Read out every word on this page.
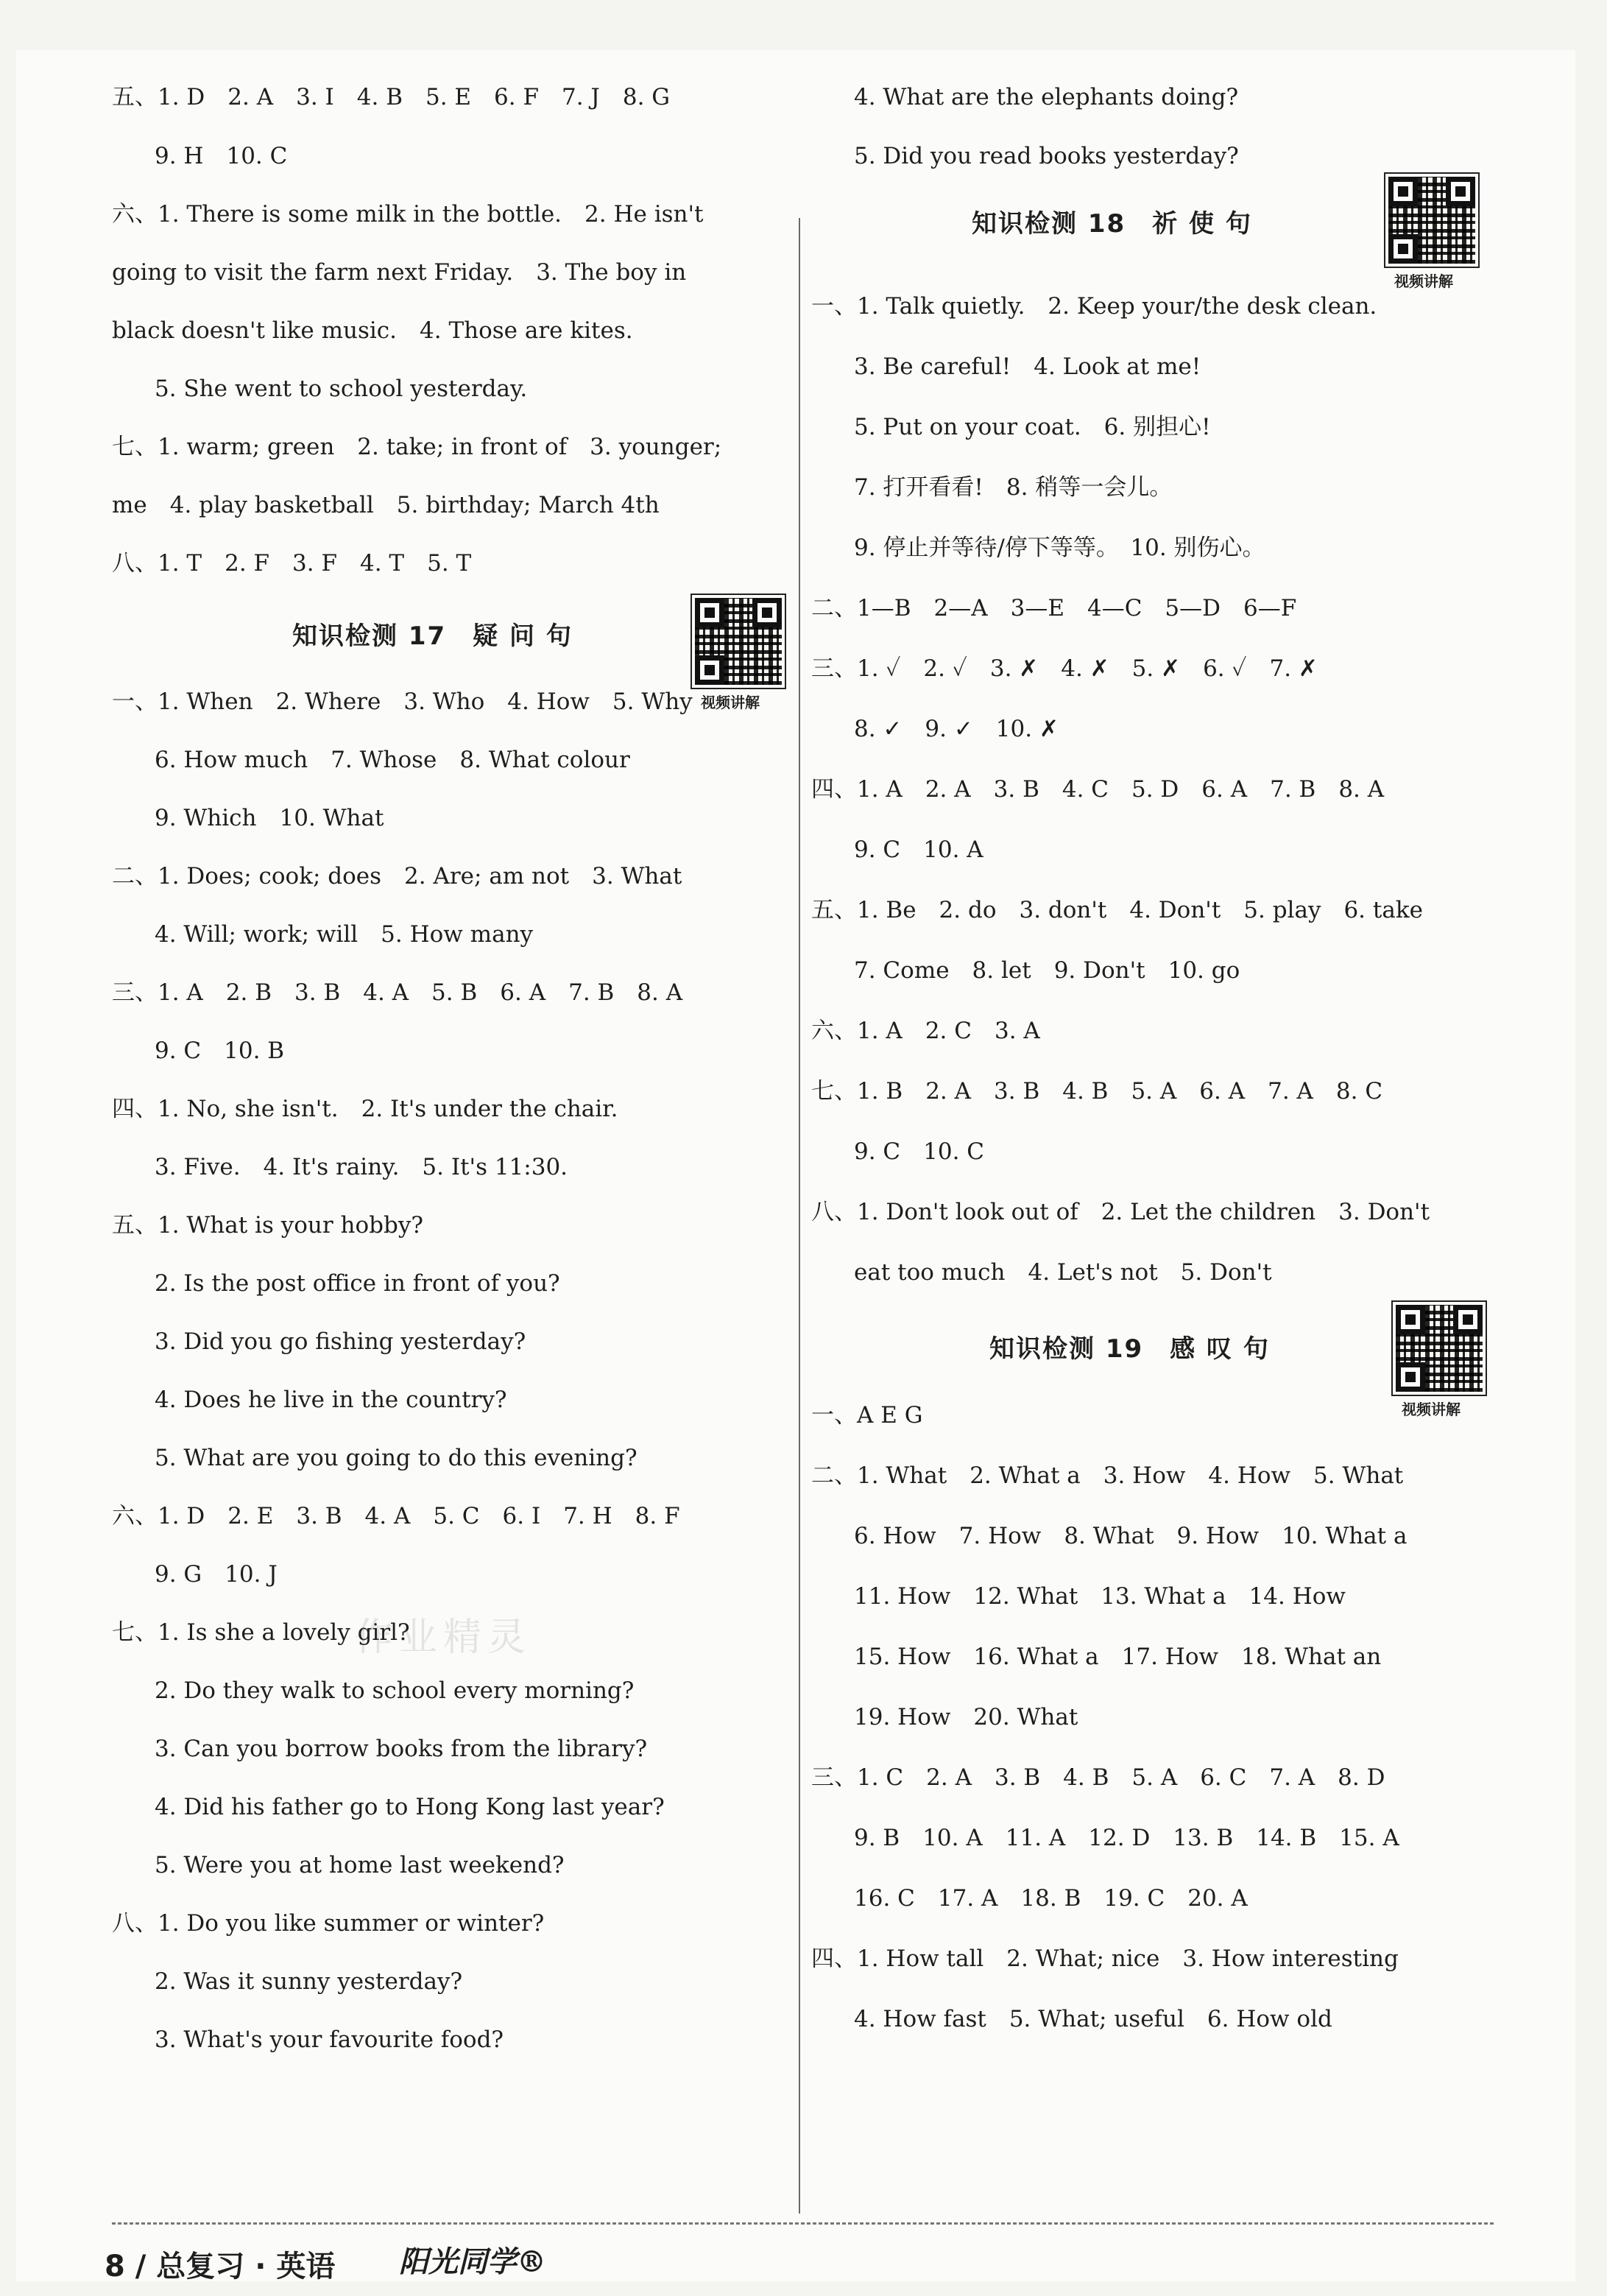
五、1. D　2. A　3. I　4. B　5. E　6. F　7. J　8. G
9. H　10. C
六、1. There is some milk in the bottle.　2. He isn't
going to visit the farm next Friday.　3. The boy in
black doesn't like music.　4. Those are kites.
5. She went to school yesterday.
七、1. warm; green　2. take; in front of　3. younger;
me　4. play basketball　5. birthday; March 4th
八、1. T　2. F　3. F　4. T　5. T
知识检测 17　疑 问 句
视频讲解
一、1. When　2. Where　3. Who　4. How　5. Why
6. How much　7. Whose　8. What colour
9. Which　10. What
二、1. Does; cook; does　2. Are; am not　3. What
4. Will; work; will　5. How many
三、1. A　2. B　3. B　4. A　5. B　6. A　7. B　8. A
9. C　10. B
四、1. No, she isn't.　2. It's under the chair.
3. Five.　4. It's rainy.　5. It's 11:30.
五、1. What is your hobby?
2. Is the post office in front of you?
3. Did you go fishing yesterday?
4. Does he live in the country?
5. What are you going to do this evening?
六、1. D　2. E　3. B　4. A　5. C　6. I　7. H　8. F
9. G　10. J
七、1. Is she a lovely girl?
2. Do they walk to school every morning?
3. Can you borrow books from the library?
4. Did his father go to Hong Kong last year?
5. Were you at home last weekend?
八、1. Do you like summer or winter?
2. Was it sunny yesterday?
3. What's your favourite food?
作业精灵
4. What are the elephants doing?
5. Did you read books yesterday?
知识检测 18　祈 使 句
视频讲解
一、1. Talk quietly.　2. Keep your/the desk clean.
3. Be careful!　4. Look at me!
5. Put on your coat.　6. 别担心!
7. 打开看看!　8. 稍等一会儿。
9. 停止并等待/停下等等。　10. 别伤心。
二、1—B　2—A　3—E　4—C　5—D　6—F
三、1. ✓　2. ✓　3. ✗　4. ✗　5. ✗　6. ✓　7. ✗
8. ✓　9. ✓　10. ✗
四、1. A　2. A　3. B　4. C　5. D　6. A　7. B　8. A
9. C　10. A
五、1. Be　2. do　3. don't　4. Don't　5. play　6. take
7. Come　8. let　9. Don't　10. go
六、1. A　2. C　3. A
七、1. B　2. A　3. B　4. B　5. A　6. A　7. A　8. C
9. C　10. C
八、1. Don't look out of　2. Let the children　3. Don't
eat too much　4. Let's not　5. Don't
知识检测 19　感 叹 句
视频讲解
一、A E G
二、1. What　2. What a　3. How　4. How　5. What
6. How　7. How　8. What　9. How　10. What a
11. How　12. What　13. What a　14. How
15. How　16. What a　17. How　18. What an
19. How　20. What
三、1. C　2. A　3. B　4. B　5. A　6. C　7. A　8. D
9. B　10. A　11. A　12. D　13. B　14. B　15. A
16. C　17. A　18. B　19. C　20. A
四、1. How tall　2. What; nice　3. How interesting
4. How fast　5. What; useful　6. How old
8 / 总复习 · 英语 阳光同学®
